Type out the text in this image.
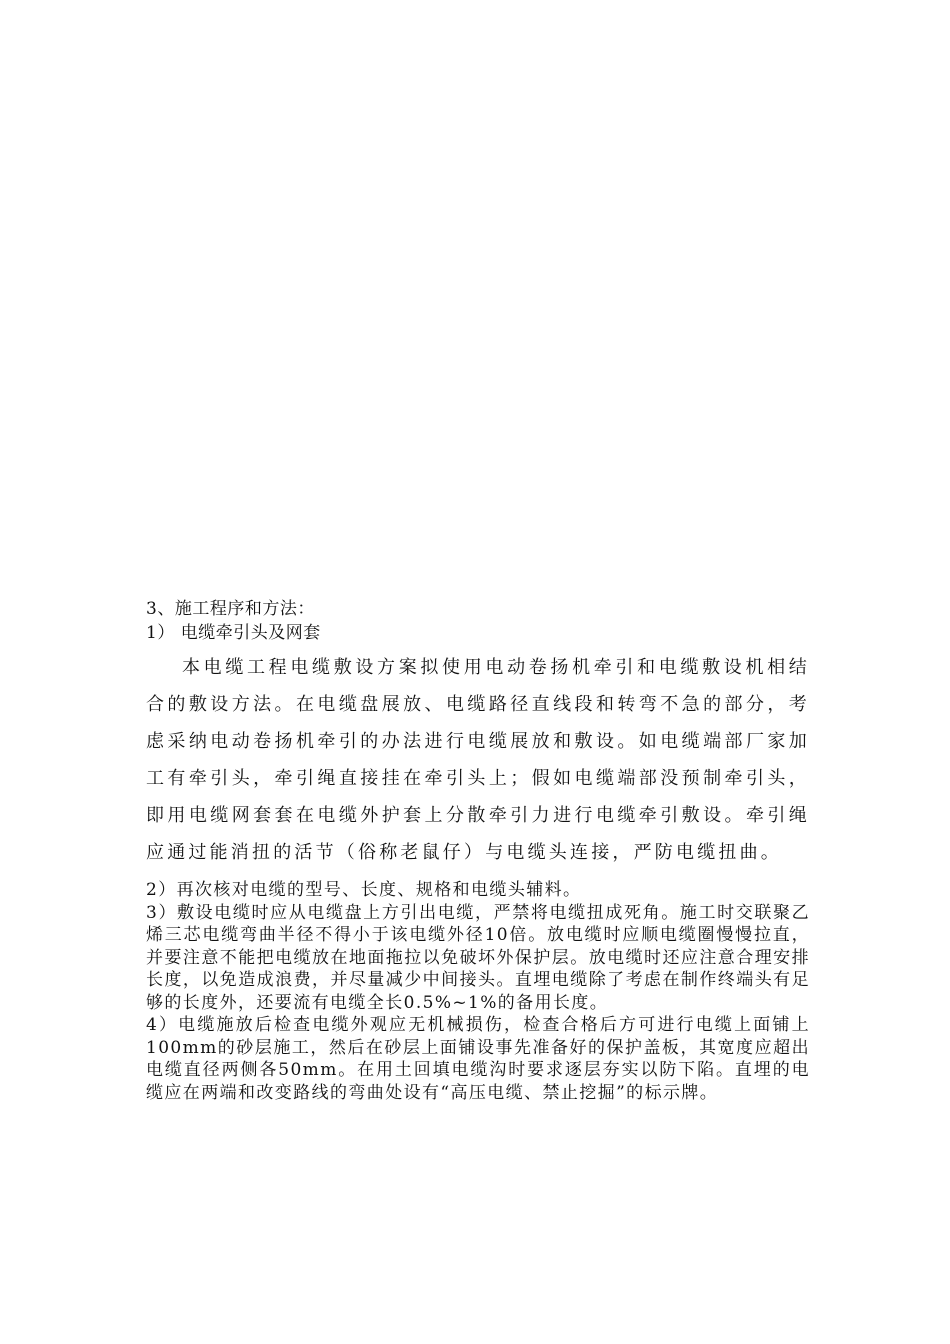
3、施工程序和方法：

1） 电缆牵引头及网套

本电缆工程电缆敷设方案拟使用电动卷扬机牵引和电缆敷设机相结合的敷设方法。在电缆盘展放、电缆路径直线段和转弯不急的部分，考虑采纳电动卷扬机牵引的办法进行电缆展放和敷设。如电缆端部厂家加工有牵引头，牵引绳直接挂在牵引头上；假如电缆端部没预制牵引头，即用电缆网套套在电缆外护套上分散牵引力进行电缆牵引敷设。牵引绳应通过能消扭的活节（俗称老鼠仔）与电缆头连接，严防电缆扭曲。

2）再次核对电缆的型号、长度、规格和电缆头辅料。

3）敷设电缆时应从电缆盘上方引出电缆，严禁将电缆扭成死角。施工时交联聚乙烯三芯电缆弯曲半径不得小于该电缆外径10倍。放电缆时应顺电缆圈慢慢拉直，并要注意不能把电缆放在地面拖拉以免破坏外保护层。放电缆时还应注意合理安排长度，以免造成浪费，并尽量减少中间接头。直埋电缆除了考虑在制作终端头有足够的长度外，还要流有电缆全长0.5%~1%的备用长度。

4）电缆施放后检查电缆外观应无机械损伤，检查合格后方可进行电缆上面铺上100mm的砂层施工，然后在砂层上面铺设事先准备好的保护盖板，其宽度应超出电缆直径两侧各50mm。在用土回填电缆沟时要求逐层夯实以防下陷。直埋的电缆应在两端和改变路线的弯曲处设有“高压电缆、禁止挖掘”的标示牌。
